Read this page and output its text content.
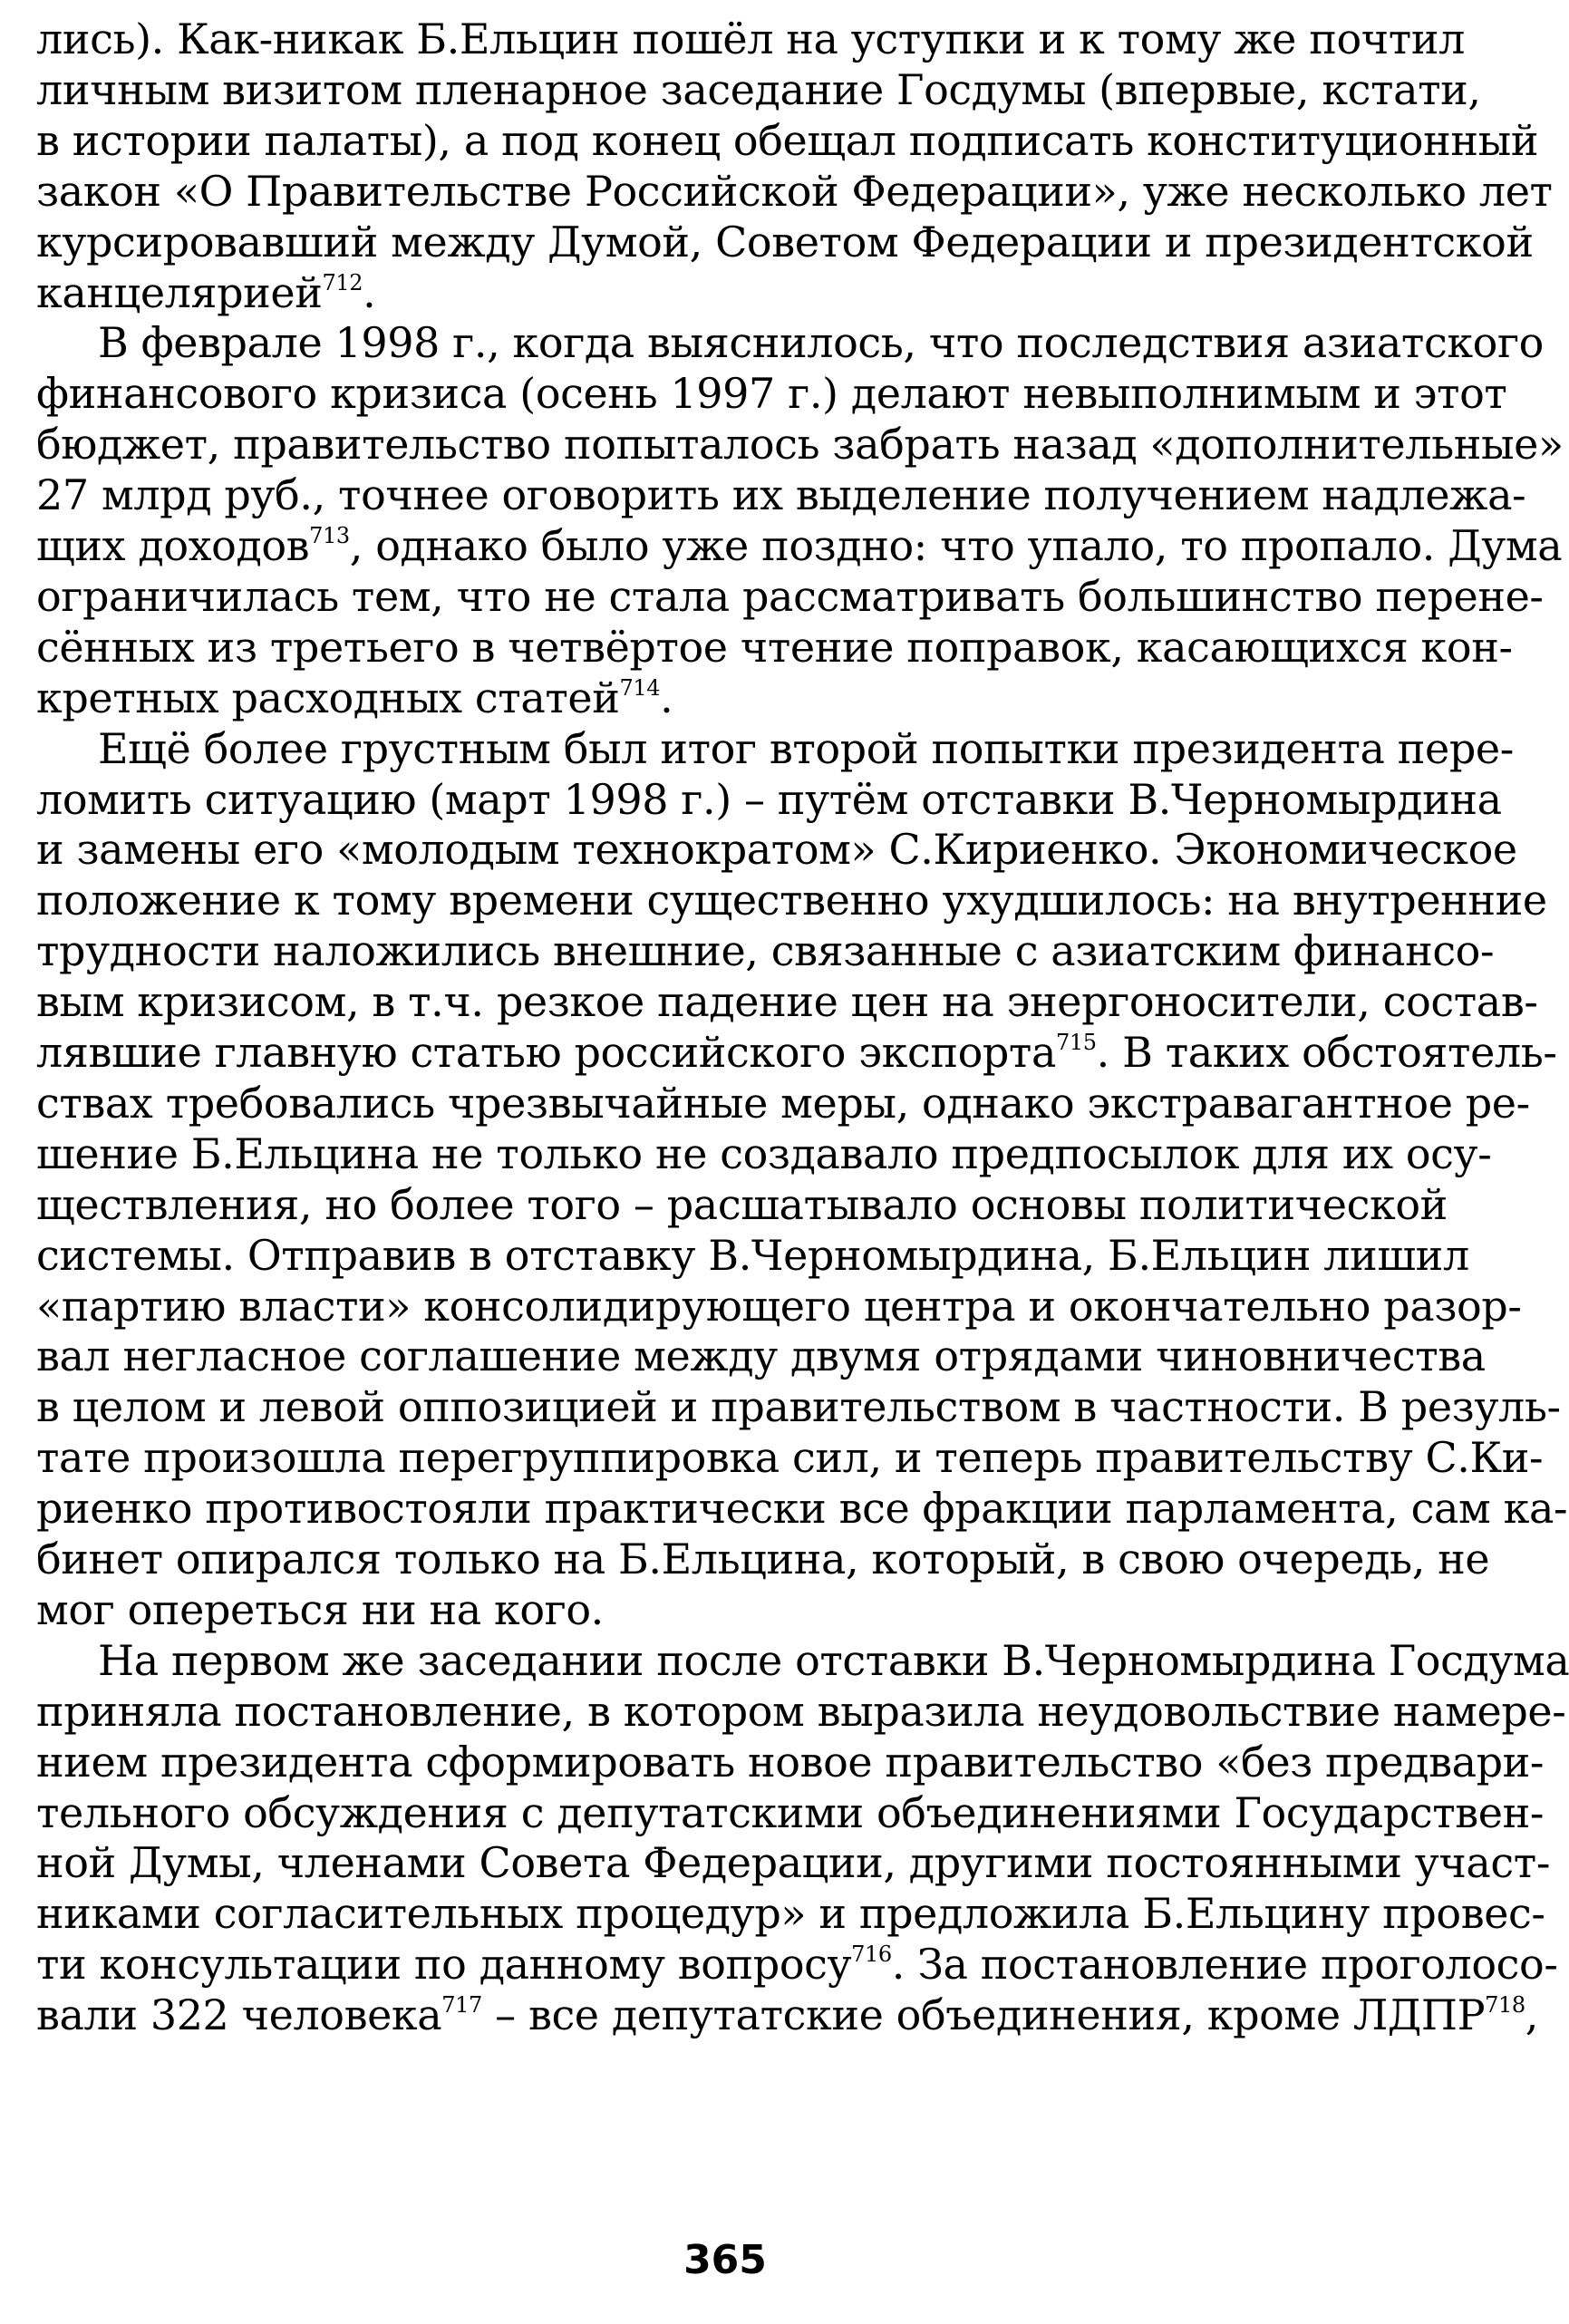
лись). Как-никак Б.Ельцин пошёл на уступки и к тому же почтил
личным визитом пленарное заседание Госдумы (впервые, кстати,
в истории палаты), а под конец обещал подписать конституционный
закон «О Правительстве Российской Федерации», уже несколько лет
курсировавший между Думой, Советом Федерации и президентской
канцелярией$^{712}$.
В феврале 1998 г., когда выяснилось, что последствия азиатского
финансового кризиса (осень 1997 г.) делают невыполнимым и этот
бюджет, правительство попыталось забрать назад «дополнительные»
27 млрд руб., точнее оговорить их выделение получением надлежа-
щих доходов$^{713}$, однако было уже поздно: что упало, то пропало. Дума
ограничилась тем, что не стала рассматривать большинство перене-
сённых из третьего в четвёртое чтение поправок, касающихся кон-
кретных расходных статей$^{714}$.
Ещё более грустным был итог второй попытки президента пере-
ломить ситуацию (март 1998 г.) – путём отставки В.Черномырдина
и замены его «молодым технократом» С.Кириенко. Экономическое
положение к тому времени существенно ухудшилось: на внутренние
трудности наложились внешние, связанные с азиатским финансо-
вым кризисом, в т.ч. резкое падение цен на энергоносители, состав-
лявшие главную статью российского экспорта$^{715}$. В таких обстоятель-
ствах требовались чрезвычайные меры, однако экстравагантное ре-
шение Б.Ельцина не только не создавало предпосылок для их осу-
ществления, но более того – расшатывало основы политической
системы. Отправив в отставку В.Черномырдина, Б.Ельцин лишил
«партию власти» консолидирующего центра и окончательно разор-
вал негласное соглашение между двумя отрядами чиновничества
в целом и левой оппозицией и правительством в частности. В резуль-
тате произошла перегруппировка сил, и теперь правительству С.Ки-
риенко противостояли практически все фракции парламента, сам ка-
бинет опирался только на Б.Ельцина, который, в свою очередь, не
мог опереться ни на кого.
На первом же заседании после отставки В.Черномырдина Госдума
приняла постановление, в котором выразила неудовольствие намере-
нием президента сформировать новое правительство «без предвари-
тельного обсуждения с депутатскими объединениями Государствен-
ной Думы, членами Совета Федерации, другими постоянными участ-
никами согласительных процедур» и предложила Б.Ельцину провес-
ти консультации по данному вопросу$^{716}$. За постановление проголосо-
вали 322 человека$^{717}$ – все депутатские объединения, кроме ЛДПР$^{718}$,
365
